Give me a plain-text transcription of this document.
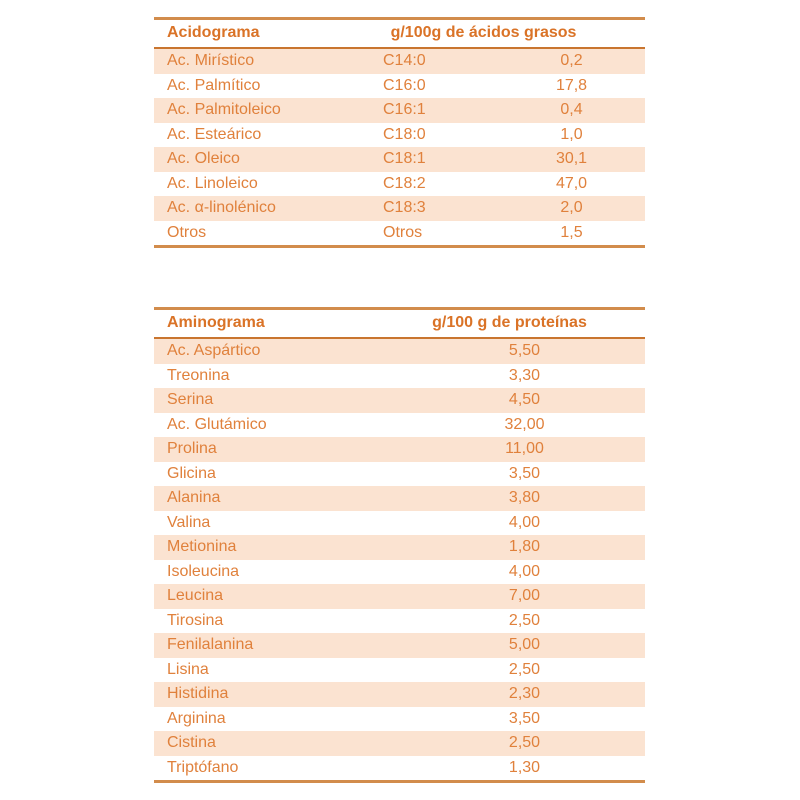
Acidograma	g/100g de ácidos grasos	
Ac. Mirístico	C14:0	0,2
Ac. Palmítico	C16:0	17,8
Ac. Palmitoleico	C16:1	0,4
Ac. Esteárico	C18:0	1,0
Ac. Oleico	C18:1	30,1
Ac. Linoleico	C18:2	47,0
Ac. α-linolénico	C18:3	2,0
Otros	Otros	1,5
Aminograma	g/100 g de proteínas
Ac. Aspártico	5,50
Treonina	3,30
Serina	4,50
Ac. Glutámico	32,00
Prolina	11,00
Glicina	3,50
Alanina	3,80
Valina	4,00
Metionina	1,80
Isoleucina	4,00
Leucina	7,00
Tirosina	2,50
Fenilalanina	5,00
Lisina	2,50
Histidina	2,30
Arginina	3,50
Cistina	2,50
Triptófano	1,30
